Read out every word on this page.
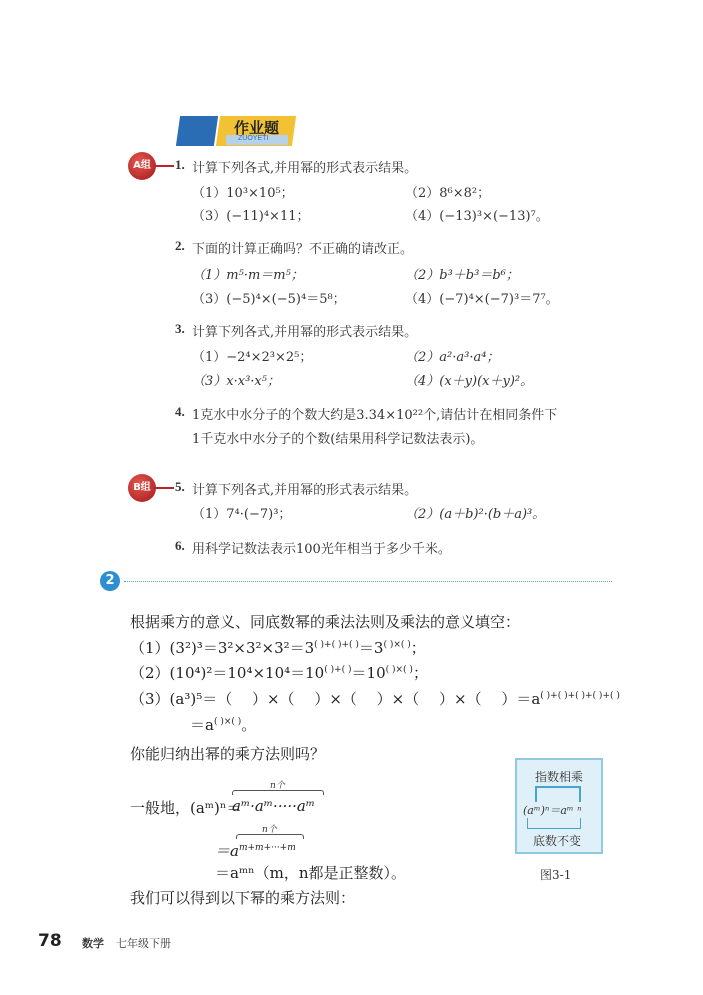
作业题
ZUOYETI
A组	1. 计算下列各式,并用幂的形式表示结果。
（1）10³×10⁵；	（2）8⁶×8²；
（3）(−11)⁴×11；	（4）(−13)³×(−13)⁷。
2. 下面的计算正确吗？不正确的请改正。
（1）m⁵·m＝m⁵；	（2）b³＋b³＝b⁶；
（3）(−5)⁴×(−5)⁴＝5⁸；	（4）(−7)⁴×(−7)³＝7⁷。
3. 计算下列各式,并用幂的形式表示结果。
（1）−2⁴×2³×2⁵；	（2）a²·a³·a⁴；
（3）x·x³·x⁵；	（4）(x＋y)(x＋y)²。
4. 1克水中水分子的个数大约是3.34×10²²个,请估计在相同条件下
1千克水中水分子的个数(结果用科学记数法表示)。
B组	5. 计算下列各式,并用幂的形式表示结果。
（1）7⁴·(−7)³；	（2）(a＋b)²·(b＋a)³。
6. 用科学记数法表示100光年相当于多少千米。
2
根据乘方的意义、同底数幂的乘法法则及乘法的意义填空：
（1）(3²)³＝3²×3²×3²＝3( )+( )+( )＝3( )×( )；
（2）(10⁴)²＝10⁴×10⁴＝10( )+( )＝10( )×( )；
（3）(a³)⁵＝（　 ）×（　 ）×（　 ）×（　 ）×（　 ）＝a( )+( )+( )+( )+( )
＝a( )×( )。
你能归纳出幂的乘方法则吗？
一般地，(aᵐ)ⁿ＝
n个
aᵐ·aᵐ·····aᵐ
n个
$=a^{m+m+\cdot\cdot\cdot+m}$
＝aᵐⁿ（m，n都是正整数）。
我们可以得到以下幂的乘方法则：
指数相乘
(aᵐ)ⁿ＝aᵐ ⁿ
底数不变
图3-1
78 数学 七年级下册
